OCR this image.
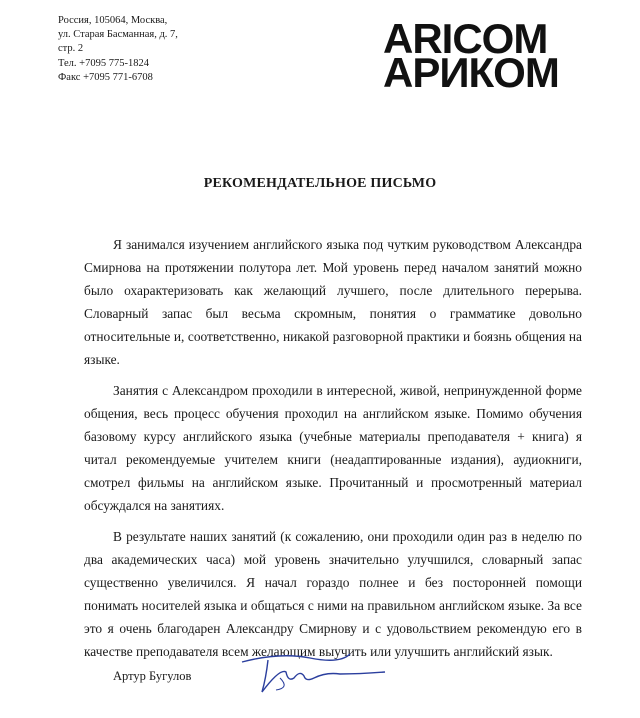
Россия, 105064, Москва,
ул. Старая Басманная, д. 7,
стр. 2
Тел. +7095 775-1824
Факс +7095 771-6708
ARICOM
АРИКОМ
РЕКОМЕНДАТЕЛЬНОЕ ПИСЬМО

Я занимался изучением английского языка под чутким руководством Александра Смирнова на протяжении полутора лет. Мой уровень перед началом занятий можно было охарактеризовать как желающий лучшего, после длительного перерыва. Словарный запас был весьма скромным, понятия о грамматике довольно относительные и, соответственно, никакой разговорной практики и боязнь общения на языке.

Занятия с Александром проходили в интересной, живой, непринужденной форме общения, весь процесс обучения проходил на английском языке. Помимо обучения базовому курсу английского языка (учебные материалы преподавателя + книга) я читал рекомендуемые учителем книги (неадаптированные издания), аудиокниги, смотрел фильмы на английском языке. Прочитанный и просмотренный материал обсуждался на занятиях.

В результате наших занятий (к сожалению, они проходили один раз в неделю по два академических часа) мой уровень значительно улучшился, словарный запас существенно увеличился. Я начал гораздо полнее и без посторонней помощи понимать носителей языка и общаться с ними на правильном английском языке. За все это я очень благодарен Александру Смирнову и с удовольствием рекомендую его в качестве преподавателя всем желающим выучить или улучшить английский язык.

Артур Бугулов
